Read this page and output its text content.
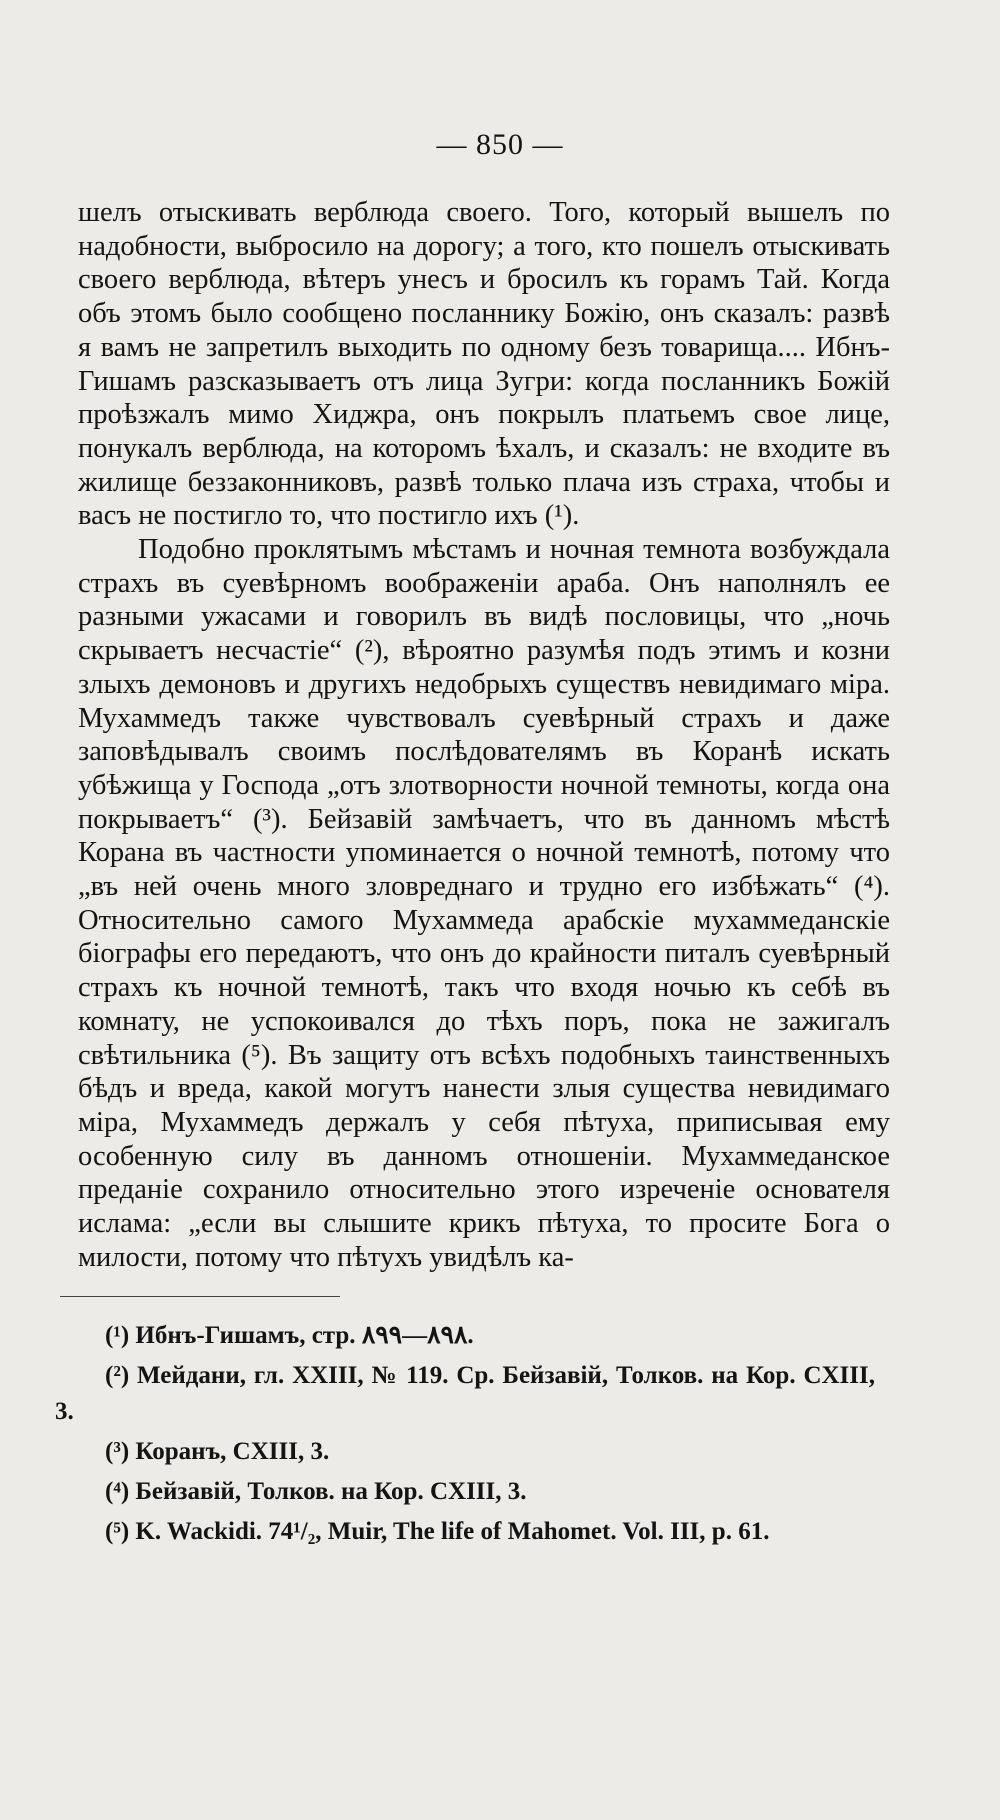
— 850 —

шелъ отыскивать верблюда своего. Того, который вышелъ по надобности, выбросило на дорогу; а того, кто пошелъ отыскивать своего верблюда, вѣтеръ унесъ и бросилъ къ горамъ Тай. Когда объ этомъ было сообщено посланнику Божiю, онъ сказалъ: развѣ я вамъ не запретилъ выходить по одному безъ товарища.... Ибнъ-Гишамъ разсказываетъ отъ лица Зугри: когда посланникъ Божiй проѣзжалъ мимо Хиджра, онъ покрылъ платьемъ свое лице, понукалъ верблюда, на которомъ ѣхалъ, и сказалъ: не входите въ жилище беззаконниковъ, развѣ только плача изъ страха, чтобы и васъ не постигло то, что постигло ихъ (¹).

Подобно проклятымъ мѣстамъ и ночная темнота возбуждала страхъ въ суевѣрномъ воображенiи араба. Онъ наполнялъ ее разными ужасами и говорилъ въ видѣ пословицы, что „ночь скрываетъ несчастiе“ (²), вѣроятно разумѣя подъ этимъ и козни злыхъ демоновъ и другихъ недобрыхъ существъ невидимаго мiра. Мухаммедъ также чувствовалъ суевѣрный страхъ и даже заповѣдывалъ своимъ послѣдователямъ въ Коранѣ искать убѣжища у Господа „отъ злотворности ночной темноты, когда она покрываетъ“ (³). Бейзавiй замѣчаетъ, что въ данномъ мѣстѣ Корана въ частности упоминается о ночной темнотѣ, потому что „въ ней очень много зловреднаго и трудно его избѣжать“ (⁴). Относительно самого Мухаммеда арабскiе мухаммеданскiе бiографы его передаютъ, что онъ до крайности питалъ суевѣрный страхъ къ ночной темнотѣ, такъ что входя ночью къ себѣ въ комнату, не успокоивался до тѣхъ поръ, пока не зажигалъ свѣтильника (⁵). Въ защиту отъ всѣхъ подобныхъ таинственныхъ бѣдъ и вреда, какой могутъ нанести злыя существа невидимаго мiра, Мухаммедъ держалъ у себя пѣтуха, приписывая ему особенную силу въ данномъ отношенiи. Мухаммеданское преданiе сохранило относительно этого изреченiе основателя ислама: „если вы слышите крикъ пѣтуха, то просите Бога о милости, потому что пѣтухъ увидѣлъ ка-

(¹) Ибнъ-Гишамъ, стр. ٨٩٨—٨٩٩.

(²) Мейдани, гл. XXIII, № 119. Ср. Бейзавiй, Толков. на Кор. CXIII, 3.

(³) Коранъ, CXIII, 3.

(⁴) Бейзавiй, Толков. на Кор. CXIII, 3.

(⁵) K. Wackidi. 74¹/₂, Muir, The life of Mahomet. Vol. III, p. 61.
